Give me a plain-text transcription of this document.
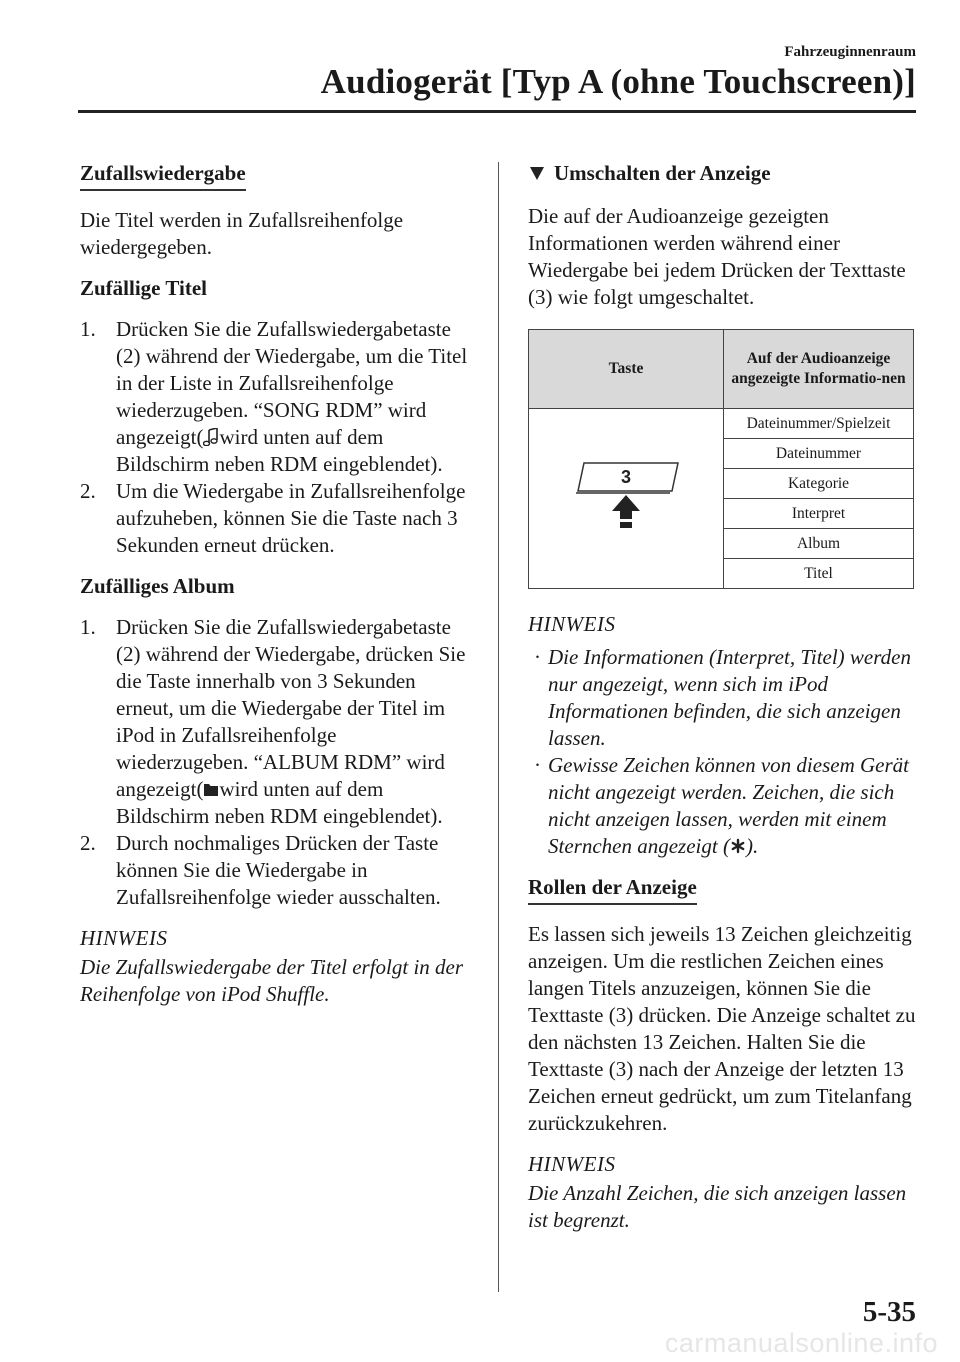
Fahrzeuginnenraum
Audiogerät [Typ A (ohne Touchscreen)]
Zufallswiedergabe

Die Titel werden in Zufallsreihenfolge wiedergegeben.

Zufällige Titel
1. Drücken Sie die Zufallswiedergabetaste (2) während der Wiedergabe, um die Titel in der Liste in Zufallsreihenfolge wiederzugeben. “SONG RDM” wird angezeigt( wird unten auf dem Bildschirm neben RDM eingeblendet).
2. Um die Wiedergabe in Zufallsreihenfolge aufzuheben, können Sie die Taste nach 3 Sekunden erneut drücken.
Zufälliges Album
1. Drücken Sie die Zufallswiedergabetaste (2) während der Wiedergabe, drücken Sie die Taste innerhalb von 3 Sekunden erneut, um die Wiedergabe der Titel im iPod in Zufallsreihenfolge wiederzugeben. “ALBUM RDM” wird angezeigt( wird unten auf dem Bildschirm neben RDM eingeblendet).
2. Durch nochmaliges Drücken der Taste können Sie die Wiedergabe in Zufallsreihenfolge wieder ausschalten.
HINWEIS
Die Zufallswiedergabe der Titel erfolgt in der Reihenfolge von iPod Shuffle.
Umschalten der Anzeige

Die auf der Audioanzeige gezeigten Informationen werden während einer Wiedergabe bei jedem Drücken der Texttaste (3) wie folgt umgeschaltet.

Taste	Auf der Audioanzeige angezeigte Informatio-nen

3	Dateinummer/Spielzeit
	Dateinummer
	Kategorie
	Interpret
	Album
	Titel
HINWEIS
· Die Informationen (Interpret, Titel) werden nur angezeigt, wenn sich im iPod Informationen befinden, die sich anzeigen lassen.
· Gewisse Zeichen können von diesem Gerät nicht angezeigt werden. Zeichen, die sich nicht anzeigen lassen, werden mit einem Sternchen angezeigt ( ).
Rollen der Anzeige

Es lassen sich jeweils 13 Zeichen gleichzeitig anzeigen. Um die restlichen Zeichen eines langen Titels anzuzeigen, können Sie die Texttaste (3) drücken. Die Anzeige schaltet zu den nächsten 13 Zeichen. Halten Sie die Texttaste (3) nach der Anzeige der letzten 13 Zeichen erneut gedrückt, um zum Titelanfang zurückzukehren.

HINWEIS
Die Anzahl Zeichen, die sich anzeigen lassen ist begrenzt.
5-35
carmanualsonline.info
